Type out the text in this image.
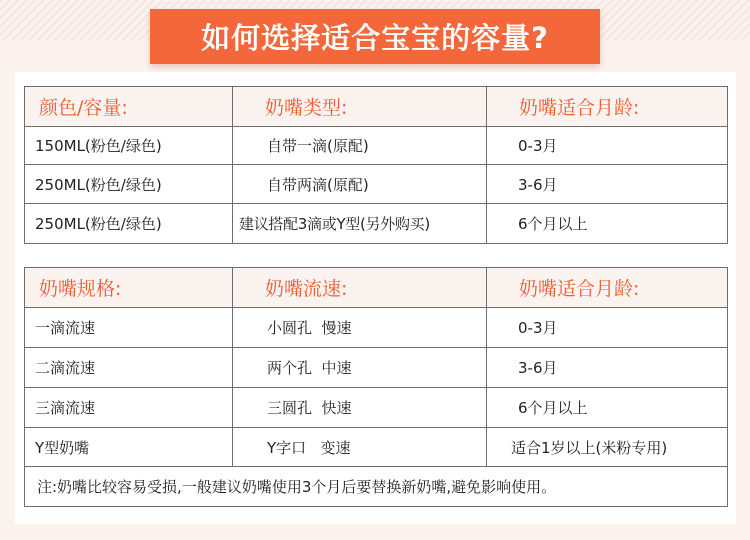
如何选择适合宝宝的容量?
颜色/容量:	奶嘴类型:	奶嘴适合月龄:
150ML(粉色/绿色)	自带一滴(原配)	0-3月
250ML(粉色/绿色)	自带两滴(原配)	3-6月
250ML(粉色/绿色)	建议搭配3滴或Y型(另外购买)	6个月以上
奶嘴规格:	奶嘴流速:	奶嘴适合月龄:
一滴流速	小圆孔  慢速	0-3月
二滴流速	两个孔  中速	3-6月
三滴流速	三圆孔  快速	6个月以上
Y型奶嘴	Y字口   变速	适合1岁以上(米粉专用)
注:奶嘴比较容易受损,一般建议奶嘴使用3个月后要替换新奶嘴,避免影响使用。		
